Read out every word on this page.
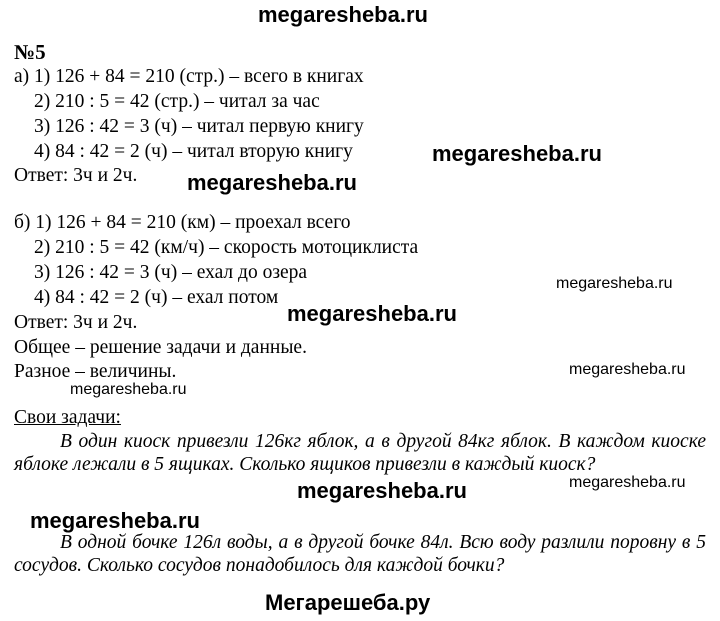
megaresheba.ru
№5
а) 1) 126 + 84 = 210 (стр.) – всего в книгах
2) 210 : 5 = 42 (стр.) – читал за час
3) 126 : 42 = 3 (ч) – читал первую книгу
4) 84 : 42 = 2 (ч) – читал вторую книгу
Ответ: 3ч и 2ч.
megaresheba.ru
megaresheba.ru
б) 1) 126 + 84 = 210 (км) – проехал всего
2) 210 : 5 = 42 (км/ч) – скорость мотоциклиста
3) 126 : 42 = 3 (ч) – ехал до озера
4) 84 : 42 = 2 (ч) – ехал потом
Ответ: 3ч и 2ч.
Общее – решение задачи и данные.
Разное – величины.
megaresheba.ru
megaresheba.ru
megaresheba.ru
megaresheba.ru
Свои задачи:
В один киоск привезли 126кг яблок, а в другой 84кг яблок. В каждом киоске яблоке лежали в 5 ящиках. Сколько ящиков привезли в каждый киоск?
megaresheba.ru
megaresheba.ru
megaresheba.ru
В одной бочке 126л воды, а в другой бочке 84л. Всю воду разлили поровну в 5 сосудов. Сколько сосудов понадобилось для каждой бочки?
Мегарешеба.ру
